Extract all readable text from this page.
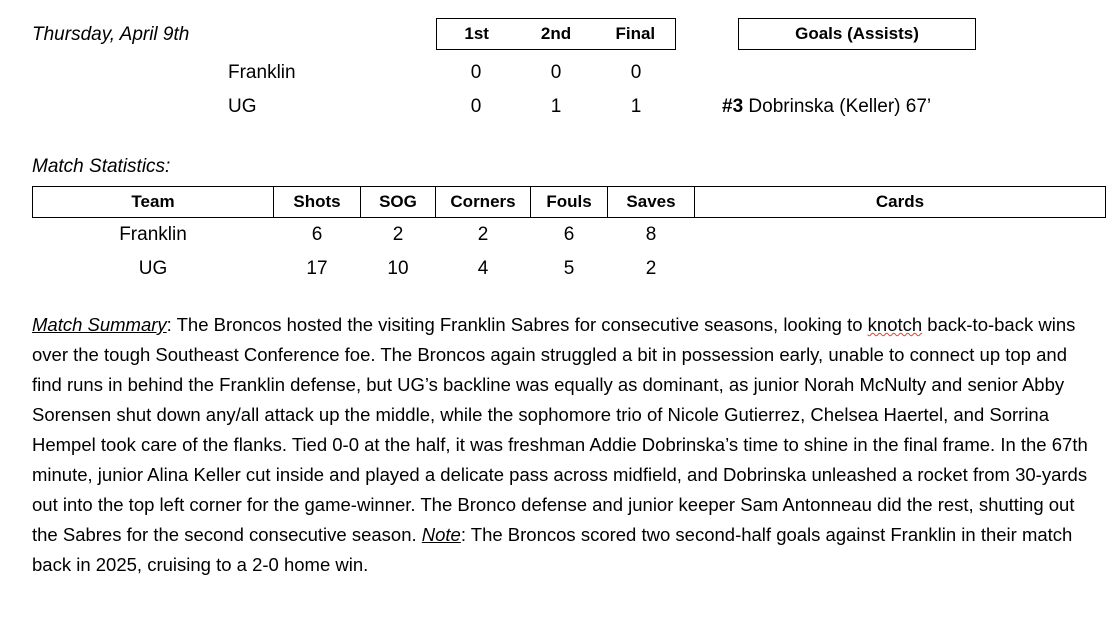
Thursday, April 9th	1st	2nd	Final	Goals (Assists)
Franklin	0	0	0
UG	0	1	1	#3 Dobrinska (Keller) 67’
Match Statistics:
Team	Shots	SOG	Corners	Fouls	Saves	Cards
Franklin	6	2	2	6	8	
UG	17	10	4	5	2	

Match Summary: The Broncos hosted the visiting Franklin Sabres for consecutive seasons, looking to knotch back-to-back wins over the tough Southeast Conference foe. The Broncos again struggled a bit in possession early, unable to connect up top and find runs in behind the Franklin defense, but UG’s backline was equally as dominant, as junior Norah McNulty and senior Abby Sorensen shut down any/all attack up the middle, while the sophomore trio of Nicole Gutierrez, Chelsea Haertel, and Sorrina Hempel took care of the flanks. Tied 0-0 at the half, it was freshman Addie Dobrinska’s time to shine in the final frame. In the 67th minute, junior Alina Keller cut inside and played a delicate pass across midfield, and Dobrinska unleashed a rocket from 30-yards out into the top left corner for the game-winner. The Bronco defense and junior keeper Sam Antonneau did the rest, shutting out the Sabres for the second consecutive season. Note: The Broncos scored two second-half goals against Franklin in their match back in 2025, cruising to a 2-0 home win.
